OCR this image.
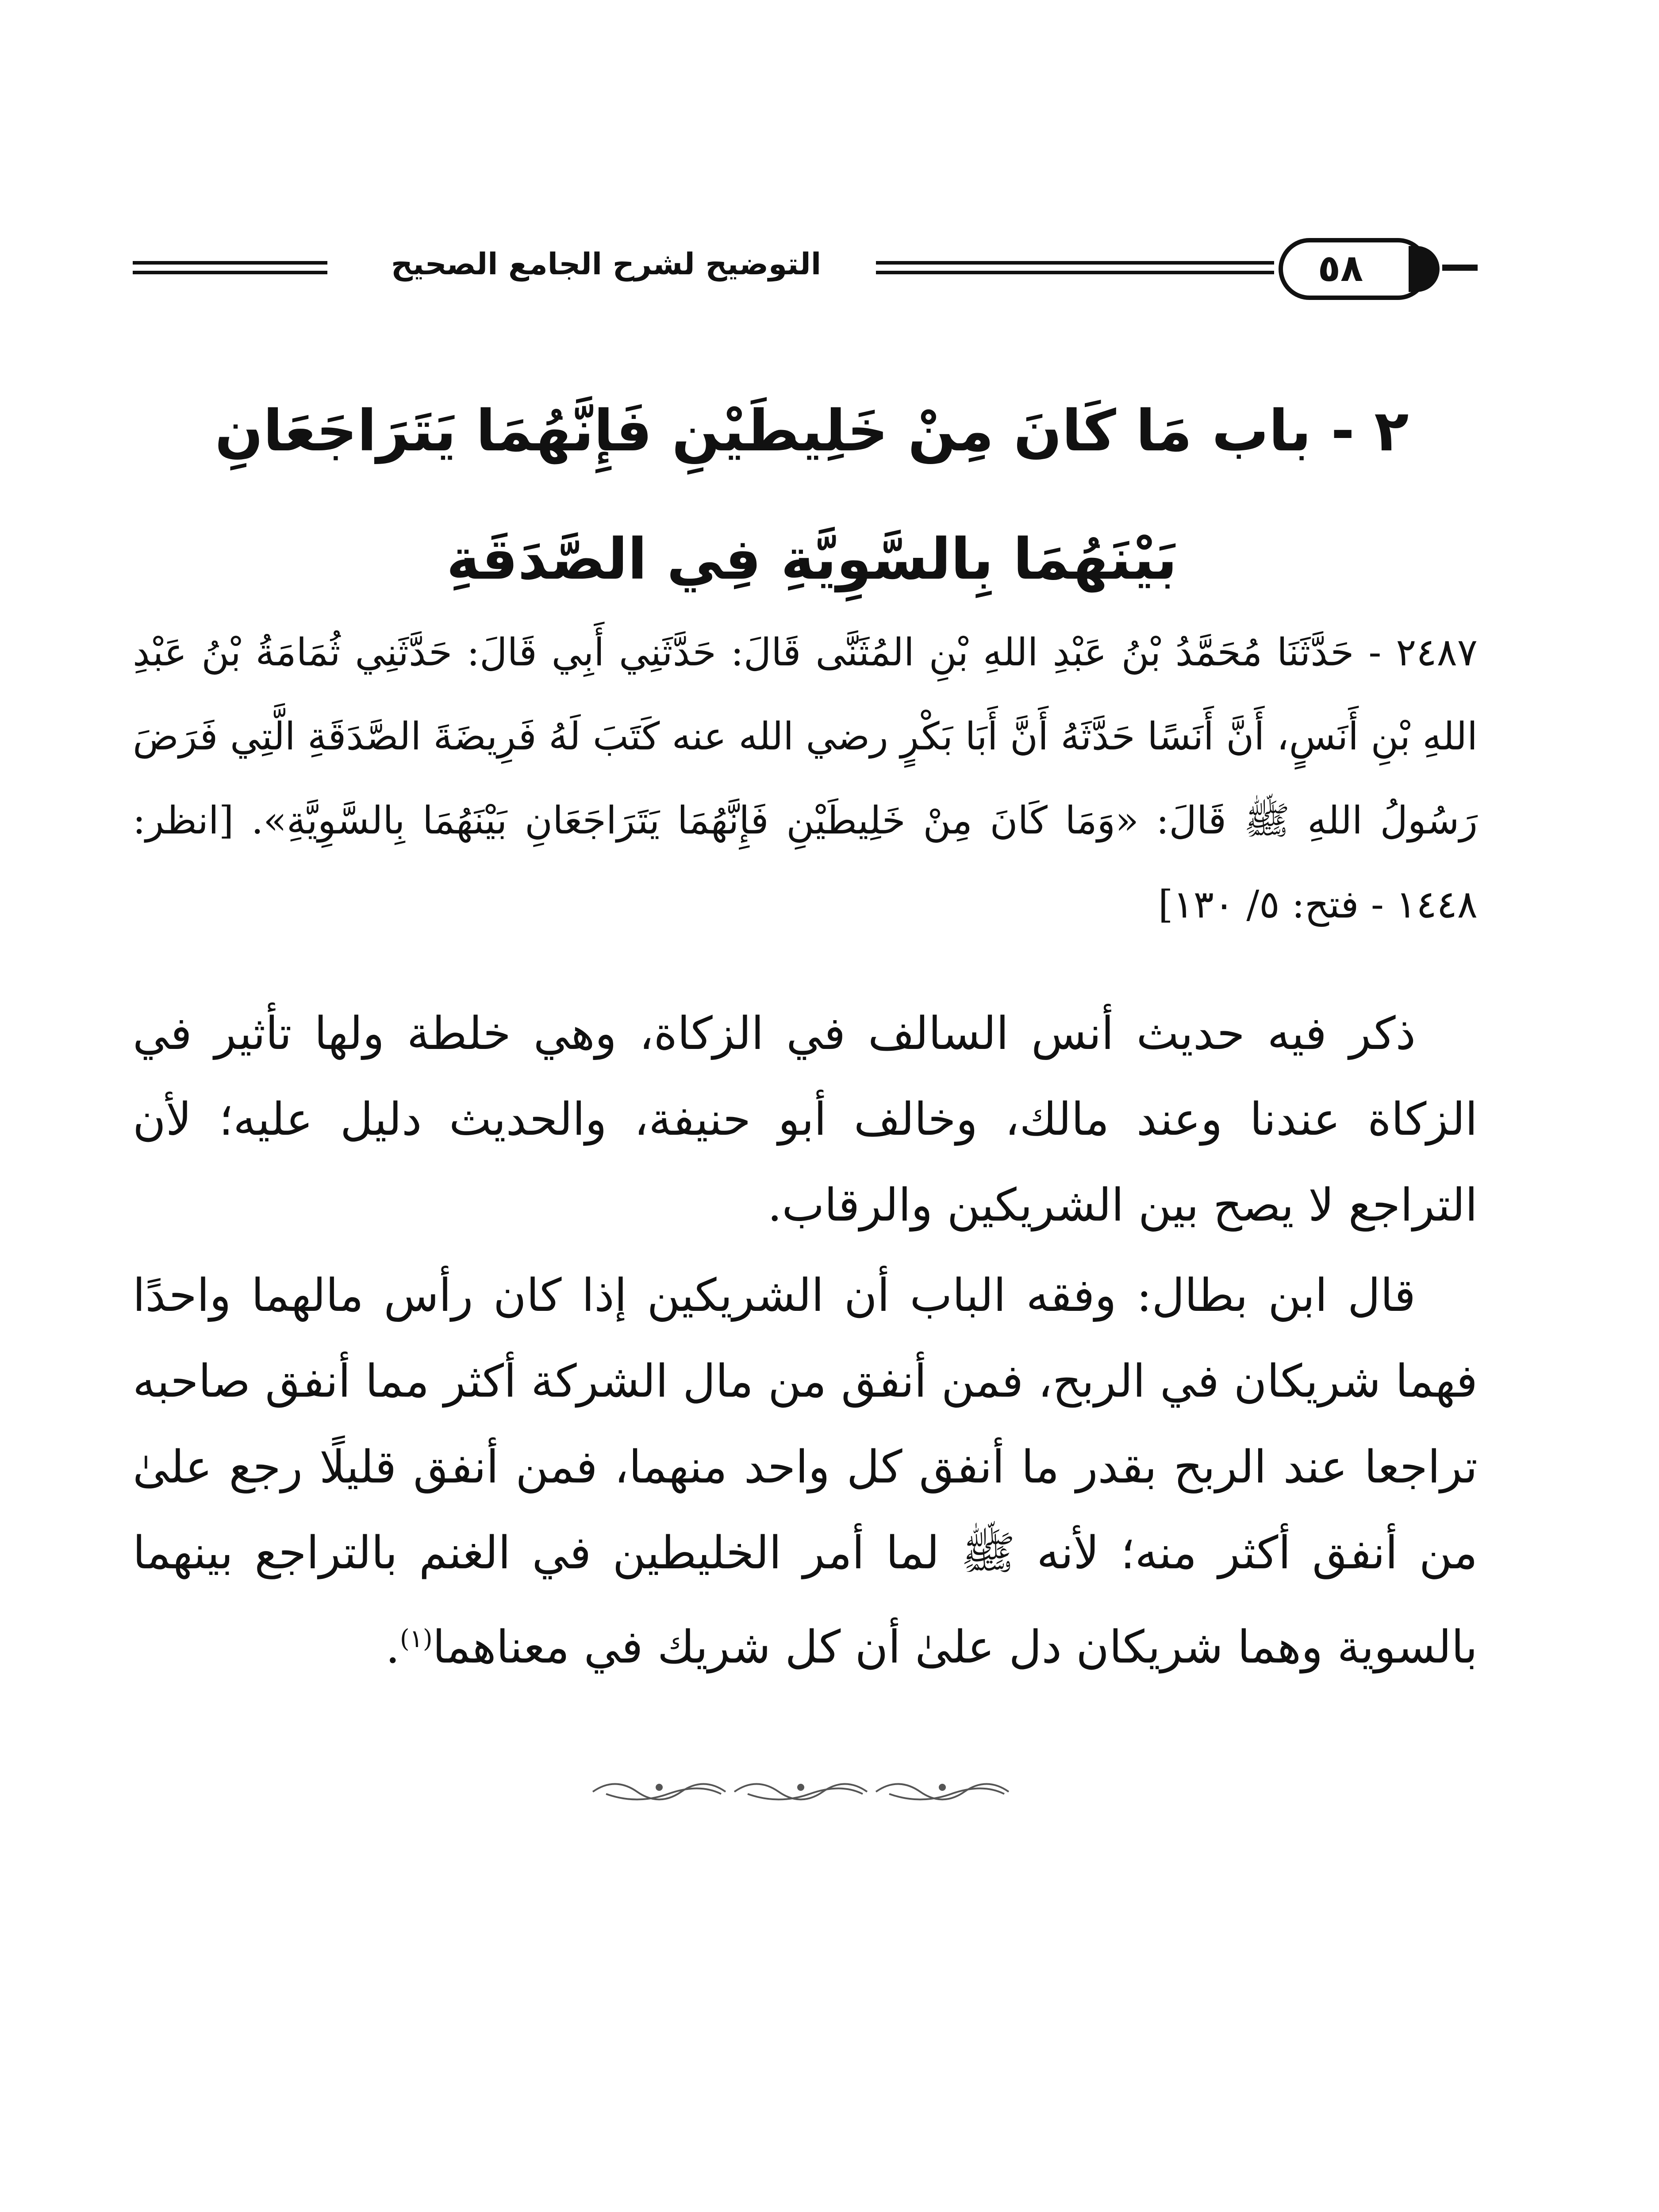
التوضيح لشرح الجامع الصحيح	٥٨
٢ - باب مَا كَانَ مِنْ خَلِيطَيْنِ فَإِنَّهُمَا يَتَرَاجَعَانِ بَيْنَهُمَا بِالسَّوِيَّةِ فِي الصَّدَقَةِ
٢٤٨٧ - حَدَّثَنَا مُحَمَّدُ بْنُ عَبْدِ اللهِ بْنِ المُثَنَّى قَالَ: حَدَّثَنِي أَبِي قَالَ: حَدَّثَنِي ثُمَامَةُ بْنُ عَبْدِ اللهِ بْنِ أَنَسٍ، أَنَّ أَنَسًا حَدَّثَهُ أَنَّ أَبَا بَكْرٍ رضي الله عنه كَتَبَ لَهُ فَرِيضَةَ الصَّدَقَةِ الَّتِي فَرَضَ رَسُولُ اللهِ ﷺ قَالَ: «وَمَا كَانَ مِنْ خَلِيطَيْنِ فَإِنَّهُمَا يَتَرَاجَعَانِ بَيْنَهُمَا بِالسَّوِيَّةِ». [انظر: ١٤٤٨ - فتح: ٥/ ١٣٠]

ذكر فيه حديث أنس السالف في الزكاة، وهي خلطة ولها تأثير في الزكاة عندنا وعند مالك، وخالف أبو حنيفة، والحديث دليل عليه؛ لأن التراجع لا يصح بين الشريكين والرقاب.

قال ابن بطال: وفقه الباب أن الشريكين إذا كان رأس مالهما واحدًا فهما شريكان في الربح، فمن أنفق من مال الشركة أكثر مما أنفق صاحبه تراجعا عند الربح بقدر ما أنفق كل واحد منهما، فمن أنفق قليلًا رجع علىٰ من أنفق أكثر منه؛ لأنه ﷺ لما أمر الخليطين في الغنم بالتراجع بينهما بالسوية وهما شريكان دل علىٰ أن كل شريك في معناهما$^{(١)}$.
